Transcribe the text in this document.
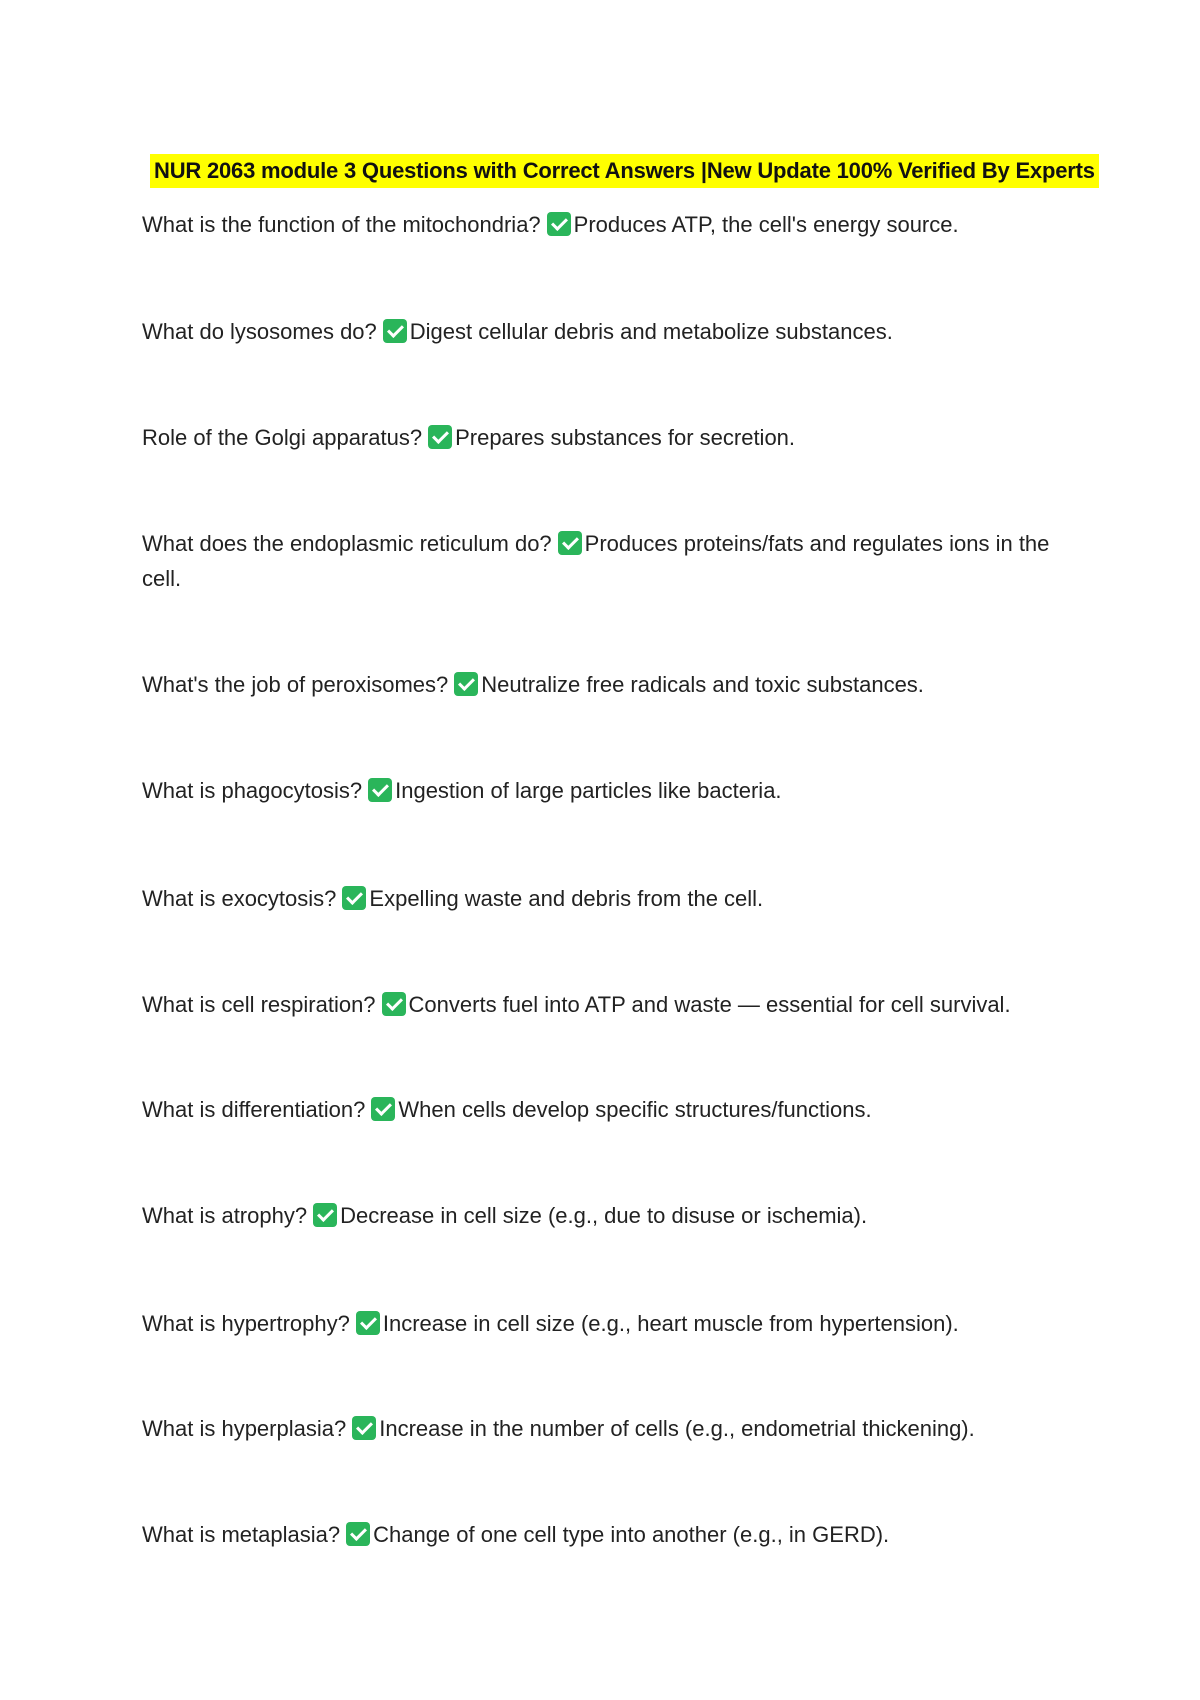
NUR 2063 module 3 Questions with Correct Answers |New Update 100% Verified By Experts
What is the function of the mitochondria? Produces ATP, the cell's energy source.
What do lysosomes do? Digest cellular debris and metabolize substances.
Role of the Golgi apparatus? Prepares substances for secretion.
What does the endoplasmic reticulum do? Produces proteins/fats and regulates ions in the cell.
What's the job of peroxisomes? Neutralize free radicals and toxic substances.
What is phagocytosis? Ingestion of large particles like bacteria.
What is exocytosis? Expelling waste and debris from the cell.
What is cell respiration? Converts fuel into ATP and waste — essential for cell survival.
What is differentiation? When cells develop specific structures/functions.
What is atrophy? Decrease in cell size (e.g., due to disuse or ischemia).
What is hypertrophy? Increase in cell size (e.g., heart muscle from hypertension).
What is hyperplasia? Increase in the number of cells (e.g., endometrial thickening).
What is metaplasia? Change of one cell type into another (e.g., in GERD).
